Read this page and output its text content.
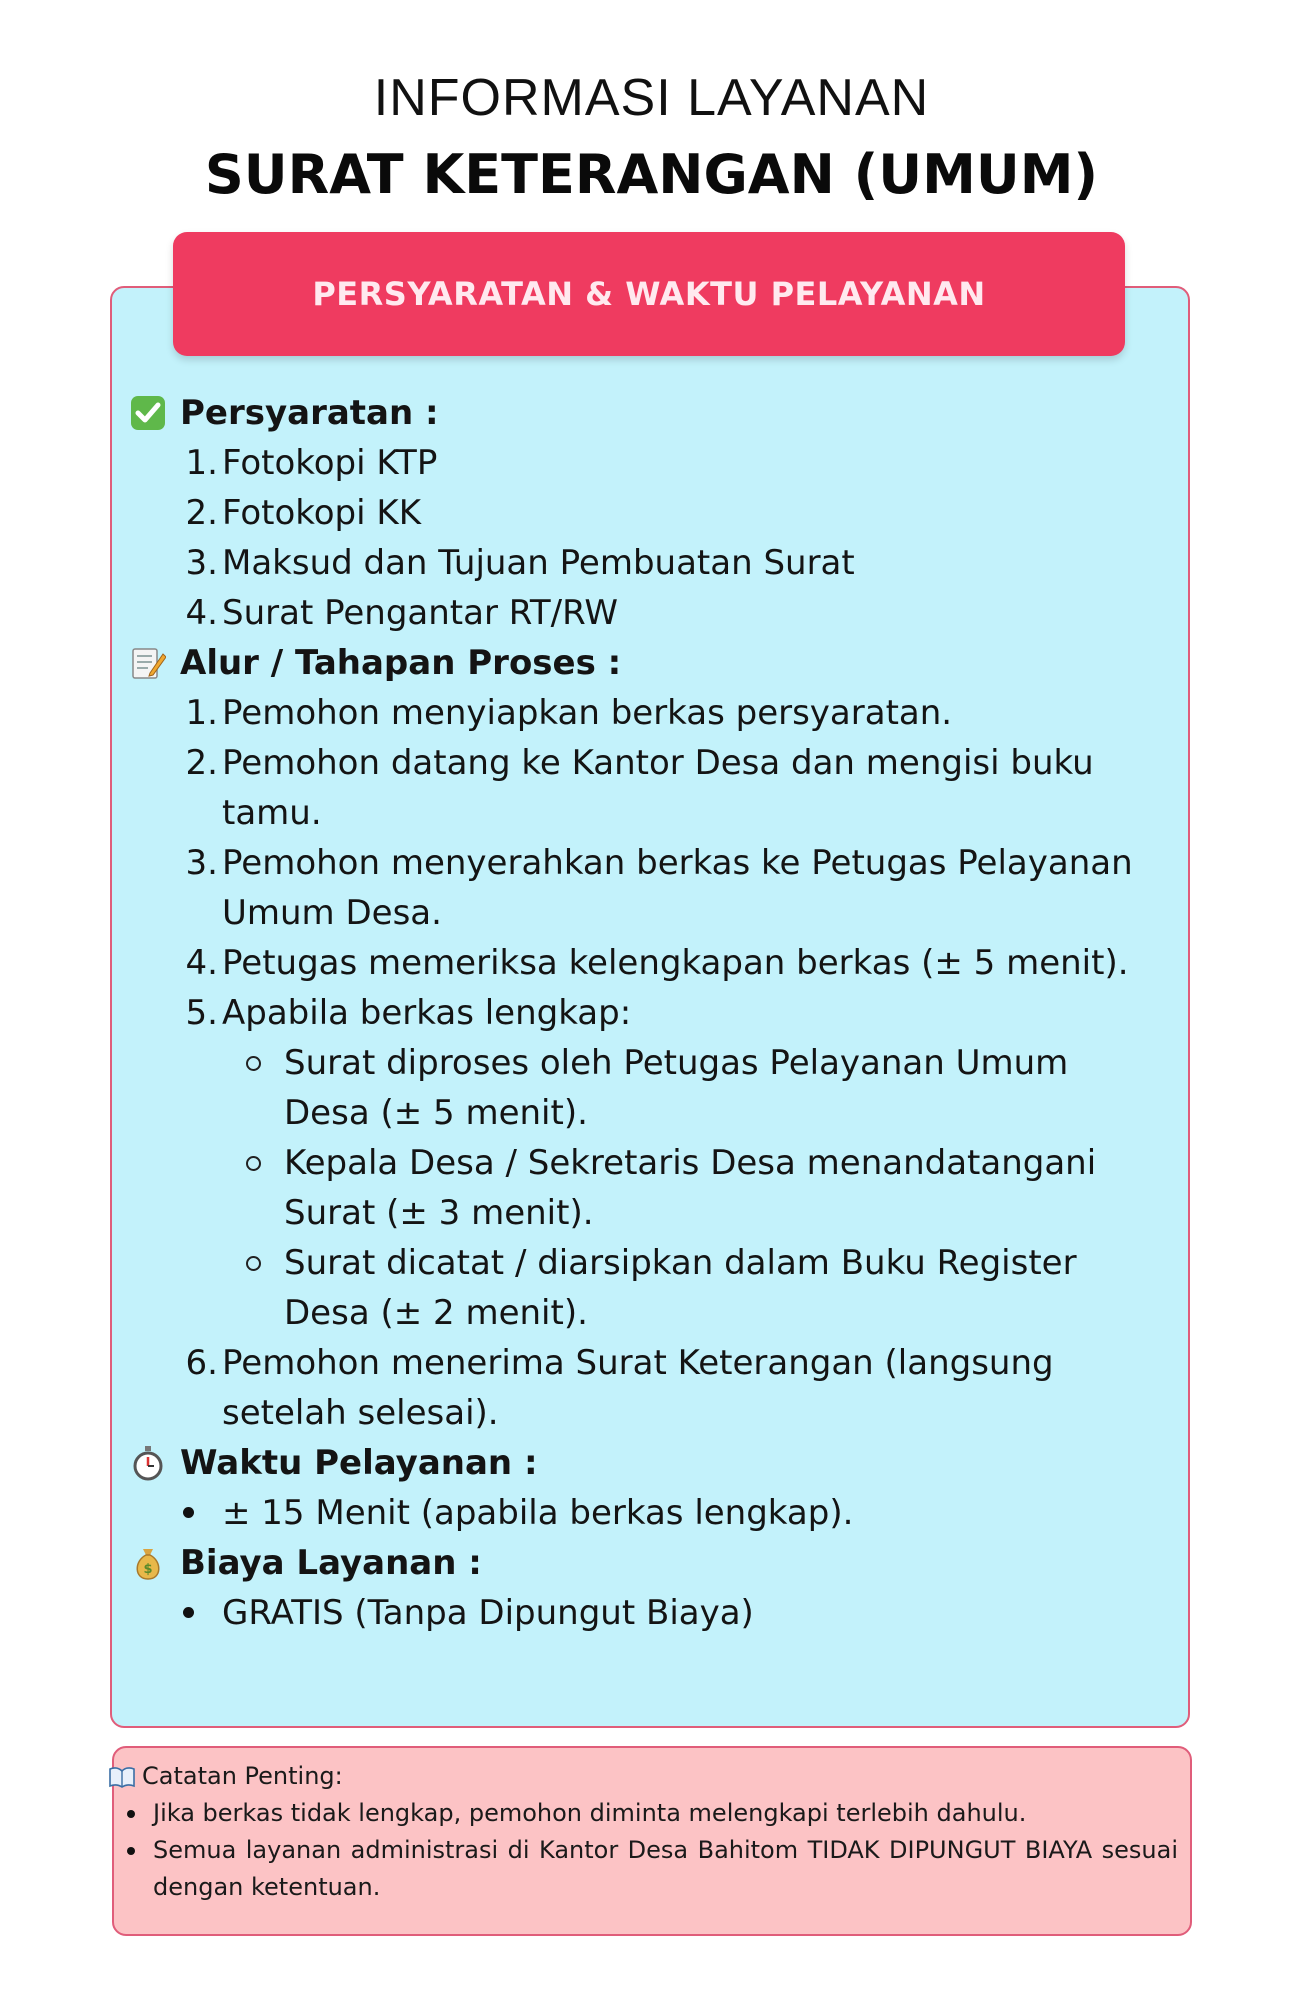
INFORMASI LAYANAN
SURAT KETERANGAN (UMUM)
PERSYARATAN & WAKTU PELAYANAN
Persyaratan :
1. Fotokopi KTP
2. Fotokopi KK
3. Maksud dan Tujuan Pembuatan Surat
4. Surat Pengantar RT/RW
Alur / Tahapan Proses :
1. Pemohon menyiapkan berkas persyaratan.
2. Pemohon datang ke Kantor Desa dan mengisi buku tamu.
3. Pemohon menyerahkan berkas ke Petugas Pelayanan Umum Desa.
4. Petugas memeriksa kelengkapan berkas (± 5 menit).
5. Apabila berkas lengkap:
Surat diproses oleh Petugas Pelayanan Umum Desa (± 5 menit).
Kepala Desa / Sekretaris Desa menandatangani Surat (± 3 menit).
Surat dicatat / diarsipkan dalam Buku Register Desa (± 2 menit).
6. Pemohon menerima Surat Keterangan (langsung setelah selesai).
Waktu Pelayanan :
± 15 Menit (apabila berkas lengkap).
$ Biaya Layanan :
GRATIS (Tanpa Dipungut Biaya)
Catatan Penting:
Jika berkas tidak lengkap, pemohon diminta melengkapi terlebih dahulu.
Semua layanan administrasi di Kantor Desa Bahitom TIDAK DIPUNGUT BIAYA sesuai dengan ketentuan.
